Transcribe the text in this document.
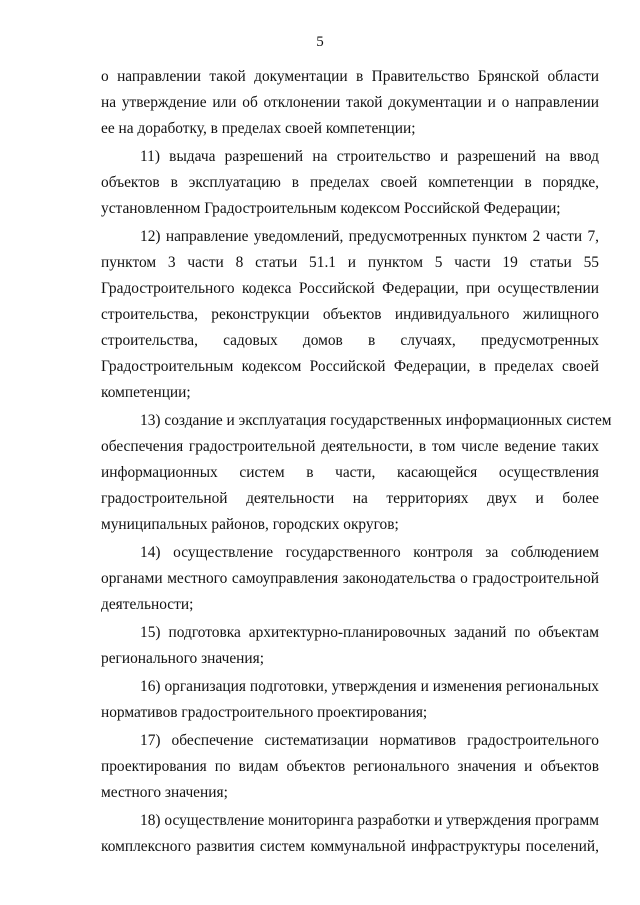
5
о направлении такой документации в Правительство Брянской области
на утверждение или об отклонении такой документации и о направлении
ее на доработку, в пределах своей компетенции;
11) выдача разрешений на строительство и разрешений на ввод
объектов в эксплуатацию в пределах своей компетенции в порядке,
установленном Градостроительным кодексом Российской Федерации;
12) направление уведомлений, предусмотренных пунктом 2 части 7,
пунктом 3 части 8 статьи 51.1 и пунктом 5 части 19 статьи 55
Градостроительного кодекса Российской Федерации, при осуществлении
строительства, реконструкции объектов индивидуального жилищного
строительства, садовых домов в случаях, предусмотренных
Градостроительным кодексом Российской Федерации, в пределах своей
компетенции;
13) создание и эксплуатация государственных информационных систем
обеспечения градостроительной деятельности, в том числе ведение таких
информационных систем в части, касающейся осуществления
градостроительной деятельности на территориях двух и более
муниципальных районов, городских округов;
14) осуществление государственного контроля за соблюдением
органами местного самоуправления законодательства о градостроительной
деятельности;
15) подготовка архитектурно-планировочных заданий по объектам
регионального значения;
16) организация подготовки, утверждения и изменения региональных
нормативов градостроительного проектирования;
17) обеспечение систематизации нормативов градостроительного
проектирования по видам объектов регионального значения и объектов
местного значения;
18) осуществление мониторинга разработки и утверждения программ
комплексного развития систем коммунальной инфраструктуры поселений,
